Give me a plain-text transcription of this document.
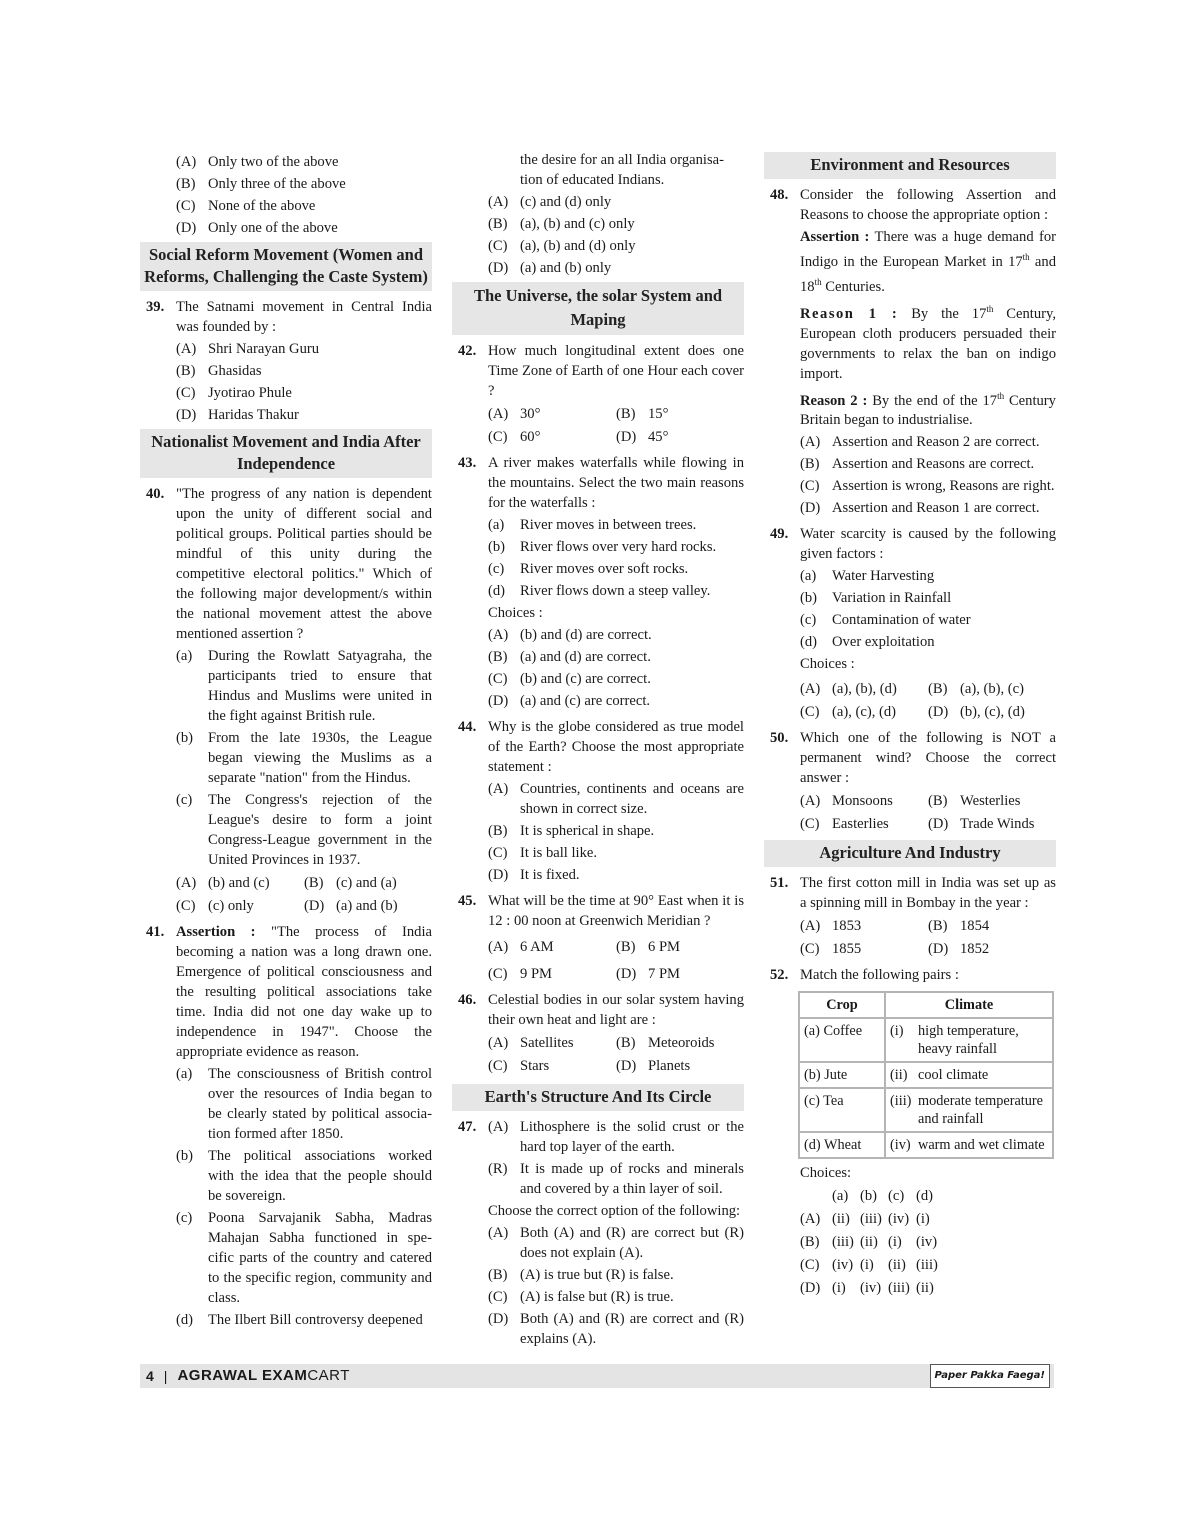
(A) Only two of the above
(B) Only three of the above
(C) None of the above
(D) Only one of the above
Social Reform Movement (Women and Reforms, Challenging the Caste System)
39. The Satnami movement in Central India was founded by :
(A) Shri Narayan Guru
(B) Ghasidas
(C) Jyotirao Phule
(D) Haridas Thakur
Nationalist Movement and India After Independence
40. "The progress of any nation is dependent upon the unity of different social and political groups. Political parties should be mindful of this unity during the competitive electoral politics." Which of the following major development/s within the national movement attest the above mentioned assertion ?
(a)	During the Rowlatt Satyagraha, the participants tried to ensure that Hindus and Muslims were united in the fight against British rule.
(b)	From the late 1930s, the League began viewing the Muslims as a separate "nation" from the Hindus.
(c)	The Congress's rejection of the League's desire to form a joint Congress-League government in the United Provinces in 1937.
(A) (b) and (c) (B) (c) and (a)
(C) (c) only	(D) (a) and (b)
41. Assertion : "The process of India becoming a nation was a long drawn one. Emergence of political consciousness and the resulting political associations take time. India did not one day wake up to independence in 1947". Choose the appropriate evidence as reason.
(a)	The consciousness of British control over the resources of India began to be clearly stated by political associa-tion formed after 1850.
(b)	The political associations worked with the idea that the people should be sovereign.
(c)	Poona Sarvajanik Sabha, Madras Mahajan Sabha functioned in spe-cific parts of the country and catered to the specific region, community and class.
(d)	The Ilbert Bill controversy deepened
the desire for an all India organisa-tion of educated Indians.
(A) (c) and (d) only
(B) (a), (b) and (c) only
(C) (a), (b) and (d) only
(D) (a) and (b) only
The Universe, the solar System and Maping
42. How much longitudinal extent does one Time Zone of Earth of one Hour each cover ?
(A) 30°	(B) 15°
(C) 60°	(D) 45°
43. A river makes waterfalls while flowing in the mountains. Select the two main reasons for the waterfalls :
(a)	River moves in between trees.
(b)	River flows over very hard rocks.
(c)	River moves over soft rocks.
(d)	River flows down a steep valley.
Choices :
(A) (b) and (d) are correct.
(B) (a) and (d) are correct.
(C) (b) and (c) are correct.
(D) (a) and (c) are correct.
44. Why is the globe considered as true model of the Earth? Choose the most appropriate statement :
(A) Countries, continents and oceans are shown in correct size.
(B) It is spherical in shape.
(C) It is ball like.
(D) It is fixed.
45. What will be the time at 90° East when it is 12 : 00 noon at Greenwich Meridian ?
(A) 6 AM	(B) 6 PM
(C) 9 PM	(D) 7 PM
46. Celestial bodies in our solar system having their own heat and light are :
(A) Satellites	(B) Meteoroids
(C) Stars	(D) Planets
Earth's Structure And Its Circle
47. (A) Lithosphere is the solid crust or the hard top layer of the earth.
(R) It is made up of rocks and minerals and covered by a thin layer of soil.
Choose the correct option of the following:
(A) Both (A) and (R) are correct but (R) does not explain (A).
(B) (A) is true but (R) is false.
(C) (A) is false but (R) is true.
(D) Both (A) and (R) are correct and (R) explains (A).
Environment and Resources
48. Consider the following Assertion and Reasons to choose the appropriate option :
Assertion : There was a huge demand for Indigo in the European Market in 17th and 18th Centuries.
Reason 1 : By the 17th Century, European cloth producers persuaded their governments to relax the ban on indigo import.
Reason 2 : By the end of the 17th Century Britain began to industrialise.
(A) Assertion and Reason 2 are correct.
(B) Assertion and Reasons are correct.
(C) Assertion is wrong, Reasons are right.
(D) Assertion and Reason 1 are correct.
49. Water scarcity is caused by the following given factors :
(a)	Water Harvesting
(b)	Variation in Rainfall
(c)	Contamination of water
(d)	Over exploitation
Choices :
(A) (a), (b), (d) (B) (a), (b), (c)
(C) (a), (c), (d) (D) (b), (c), (d)
50. Which one of the following is NOT a permanent wind? Choose the correct answer :
(A) Monsoons (B) Westerlies
(C) Easterlies	(D) Trade Winds
Agriculture And Industry
51. The first cotton mill in India was set up as a spinning mill in Bombay in the year :
(A) 1853	(B) 1854
(C) 1855	(D) 1852
52. Match the following pairs :
Crop	Climate
(a) Coffee	(i) high temperature, heavy rainfall

(b) Jute	(ii) cool climate

(c) Tea	(iii) moderate temperature and rainfall

(d) Wheat	(iv) warm and wet climate
Choices:
(a) (b) (c) (d)
(A) (ii) (iii) (iv) (i)
(B) (iii) (ii) (i) (iv)
(C) (iv) (i) (ii) (iii)
(D) (i) (iv) (iii) (ii)
4 | AGRAWAL EXAMCART	Paper Pakka Faega!
